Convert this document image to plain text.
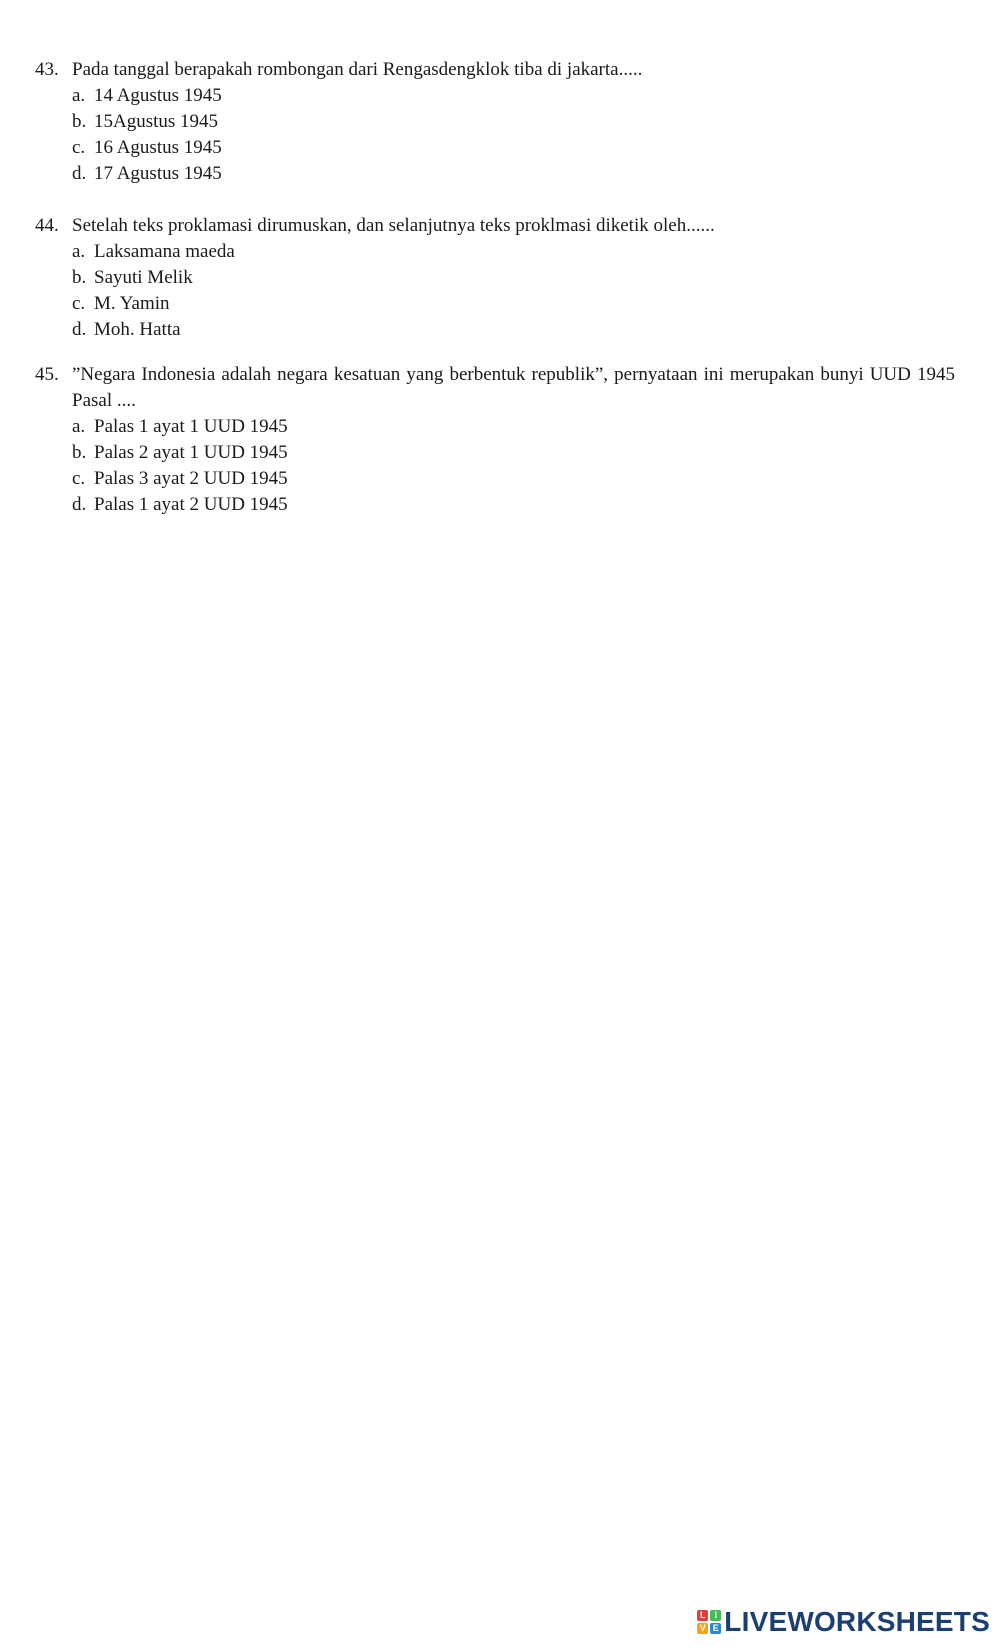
43. Pada tanggal berapakah rombongan dari Rengasdengklok tiba di jakarta.....
a. 14 Agustus 1945
b. 15Agustus 1945
c. 16 Agustus 1945
d. 17 Agustus 1945
44. Setelah teks proklamasi dirumuskan, dan selanjutnya teks proklmasi diketik oleh......
a. Laksamana maeda
b. Sayuti Melik
c. M. Yamin
d. Moh. Hatta
45. ”Negara Indonesia adalah negara kesatuan yang berbentuk republik”, pernyataan ini merupakan bunyi UUD 1945 Pasal ....
a. Palas 1 ayat 1 UUD 1945
b. Palas 2 ayat 1 UUD 1945
c. Palas 3 ayat 2 UUD 1945
d. Palas 1 ayat 2 UUD 1945
L I
V E LIVEWORKSHEETS
